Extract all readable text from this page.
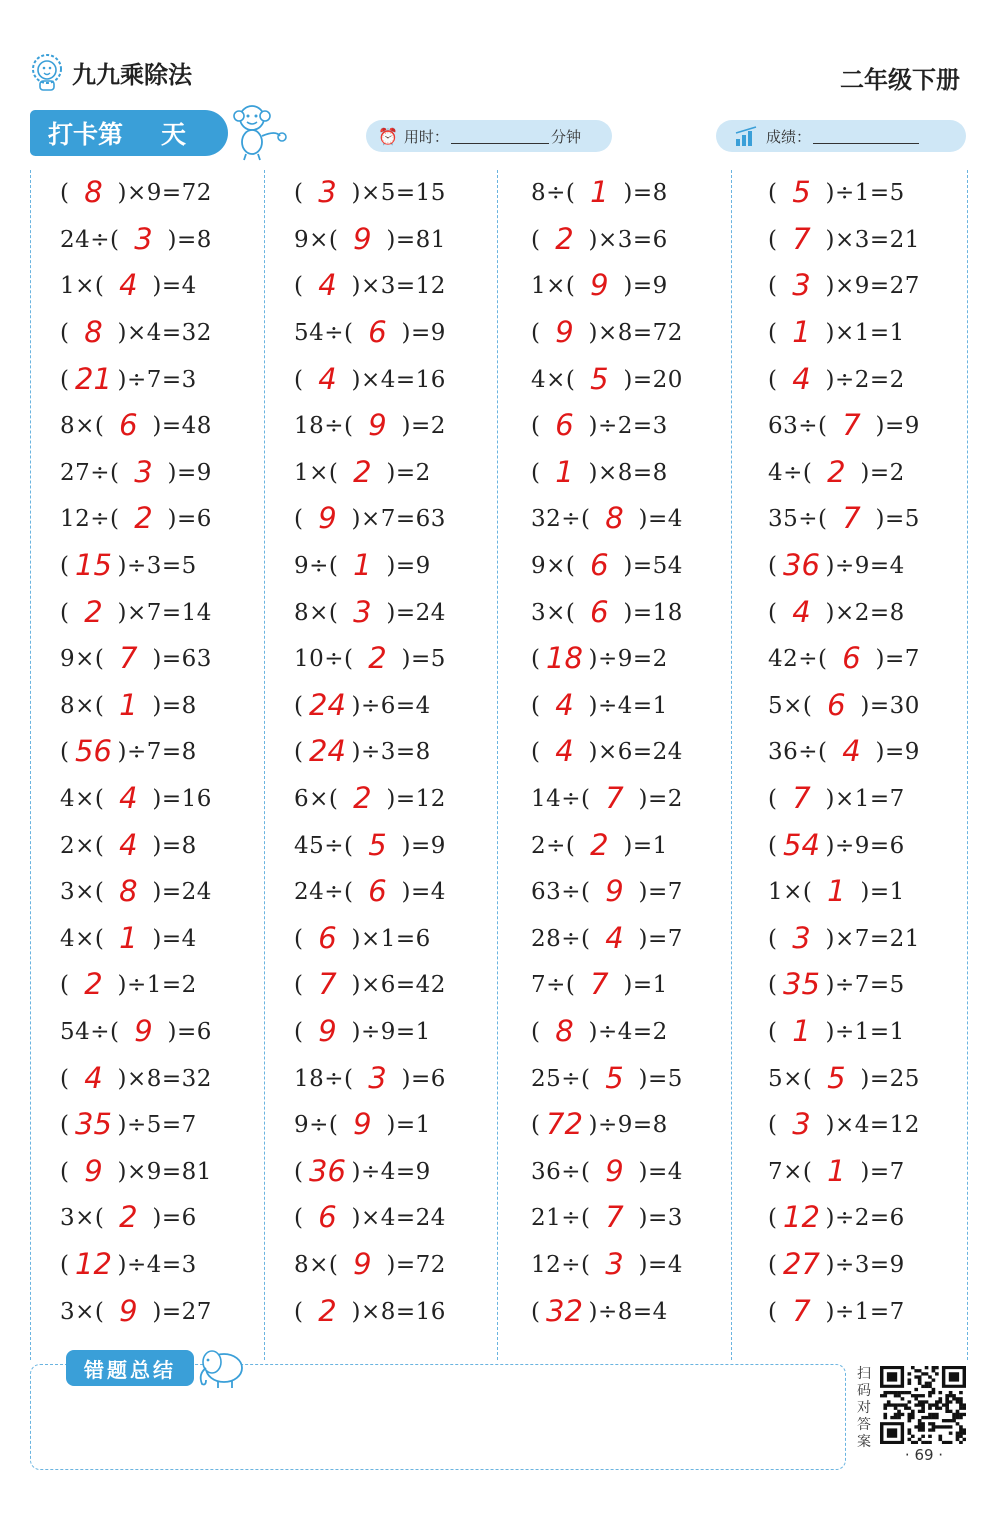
九九乘除法	二年级下册
打卡第 天	⏰ 用时：	分钟	成绩：
( 8 )×9=72
24÷( 3 )=8
1×( 4 )=4
( 8 )×4=32
( 21 )÷7=3
8×( 6 )=48
27÷( 3 )=9
12÷( 2 )=6
( 15 )÷3=5
( 2 )×7=14
9×( 7 )=63
8×( 1 )=8
( 56 )÷7=8
4×( 4 )=16
2×( 4 )=8
3×( 8 )=24
4×( 1 )=4
( 2 )÷1=2
54÷( 9 )=6
( 4 )×8=32
( 35 )÷5=7
( 9 )×9=81
3×( 2 )=6
( 12 )÷4=3
3×( 9 )=27
( 3 )×5=15
9×( 9 )=81
( 4 )×3=12
54÷( 6 )=9
( 4 )×4=16
18÷( 9 )=2
1×( 2 )=2
( 9 )×7=63
9÷( 1 )=9
8×( 3 )=24
10÷( 2 )=5
( 24 )÷6=4
( 24 )÷3=8
6×( 2 )=12
45÷( 5 )=9
24÷( 6 )=4
( 6 )×1=6
( 7 )×6=42
( 9 )÷9=1
18÷( 3 )=6
9÷( 9 )=1
( 36 )÷4=9
( 6 )×4=24
8×( 9 )=72
( 2 )×8=16
8÷( 1 )=8
( 2 )×3=6
1×( 9 )=9
( 9 )×8=72
4×( 5 )=20
( 6 )÷2=3
( 1 )×8=8
32÷( 8 )=4
9×( 6 )=54
3×( 6 )=18
( 18 )÷9=2
( 4 )÷4=1
( 4 )×6=24
14÷( 7 )=2
2÷( 2 )=1
63÷( 9 )=7
28÷( 4 )=7
7÷( 7 )=1
( 8 )÷4=2
25÷( 5 )=5
( 72 )÷9=8
36÷( 9 )=4
21÷( 7 )=3
12÷( 3 )=4
( 32 )÷8=4
( 5 )÷1=5
( 7 )×3=21
( 3 )×9=27
( 1 )×1=1
( 4 )÷2=2
63÷( 7 )=9
4÷( 2 )=2
35÷( 7 )=5
( 36 )÷9=4
( 4 )×2=8
42÷( 6 )=7
5×( 6 )=30
36÷( 4 )=9
( 7 )×1=7
( 54 )÷9=6
1×( 1 )=1
( 3 )×7=21
( 35 )÷7=5
( 1 )÷1=1
5×( 5 )=25
( 3 )×4=12
7×( 1 )=7
( 12 )÷2=6
( 27 )÷3=9
( 7 )÷1=7
错题总结	扫码对答案
· 69 ·
